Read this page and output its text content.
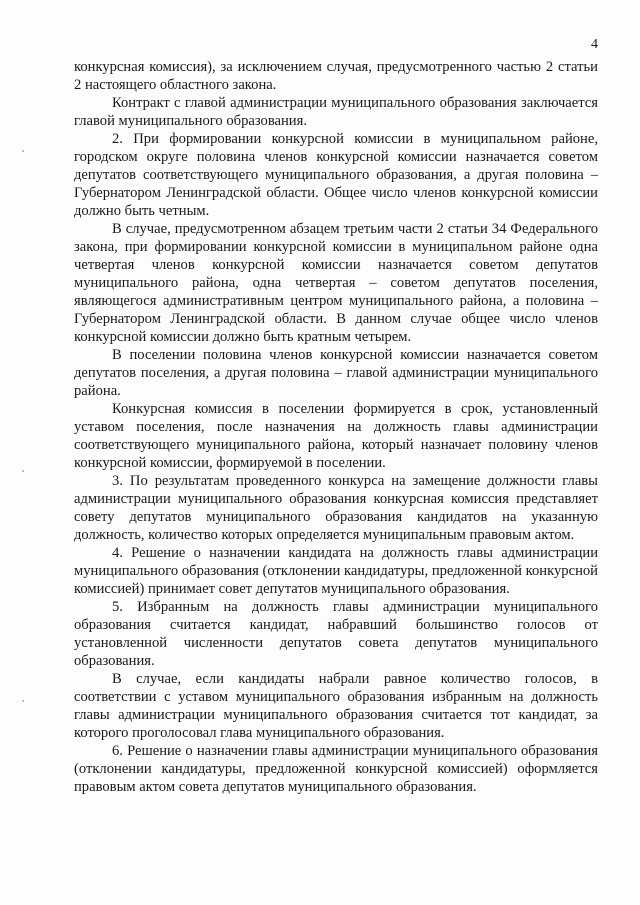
4

конкурсная комиссия), за исключением случая, предусмотренного частью 2 статьи 2 настоящего областного закона.

Контракт с главой администрации муниципального образования заключается главой муниципального образования.

2. При формировании конкурсной комиссии в муниципальном районе, городском округе половина членов конкурсной комиссии назначается советом депутатов соответствующего муниципального образования, а другая половина – Губернатором Ленинградской области. Общее число членов конкурсной комиссии должно быть четным.

В случае, предусмотренном абзацем третьим части 2 статьи 34 Федерального закона, при формировании конкурсной комиссии в муниципальном районе одна четвертая членов конкурсной комиссии назначается советом депутатов муниципального района, одна четвертая – советом депутатов поселения, являющегося административным центром муниципального района, а половина – Губернатором Ленинградской области. В данном случае общее число членов конкурсной комиссии должно быть кратным четырем.

В поселении половина членов конкурсной комиссии назначается советом депутатов поселения, а другая половина – главой администрации муниципального района.

Конкурсная комиссия в поселении формируется в срок, установленный уставом поселения, после назначения на должность главы администрации соответствующего муниципального района, который назначает половину членов конкурсной комиссии, формируемой в поселении.

3. По результатам проведенного конкурса на замещение должности главы администрации муниципального образования конкурсная комиссия представляет совету депутатов муниципального образования кандидатов на указанную должность, количество которых определяется муниципальным правовым актом.

4. Решение о назначении кандидата на должность главы администрации муниципального образования (отклонении кандидатуры, предложенной конкурсной комиссией) принимает совет депутатов муниципального образования.

5. Избранным на должность главы администрации муниципального образования считается кандидат, набравший большинство голосов от установленной численности депутатов совета депутатов муниципального образования.

В случае, если кандидаты набрали равное количество голосов, в соответствии с уставом муниципального образования избранным на должность главы администрации муниципального образования считается тот кандидат, за которого проголосовал глава муниципального образования.

6. Решение о назначении главы администрации муниципального образования (отклонении кандидатуры, предложенной конкурсной комиссией) оформляется правовым актом совета депутатов муниципального образования.
